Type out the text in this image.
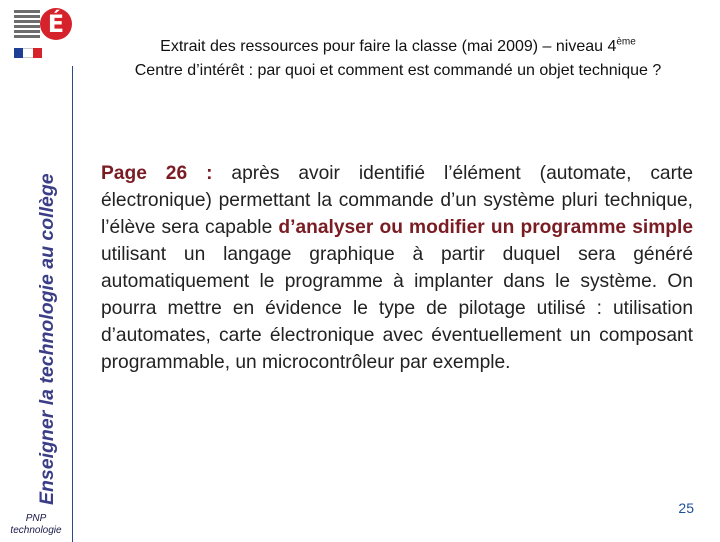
É
Enseigner la technologie au collège
PNP
technologie
Extrait des ressources pour faire la classe (mai 2009) – niveau 4ème
Centre d’intérêt : par quoi et comment est commandé un objet technique ?
Page 26 : après avoir identifié l’élément (automate, carte électronique) permettant la commande d’un système pluri technique, l’élève sera capable d’analyser ou modifier un programme simple utilisant un langage graphique à partir duquel sera généré automatiquement le programme à implanter dans le système. On pourra mettre en évidence le type de pilotage utilisé : utilisation d’automates, carte électronique avec éventuellement un composant programmable, un microcontrôleur par exemple.
25
